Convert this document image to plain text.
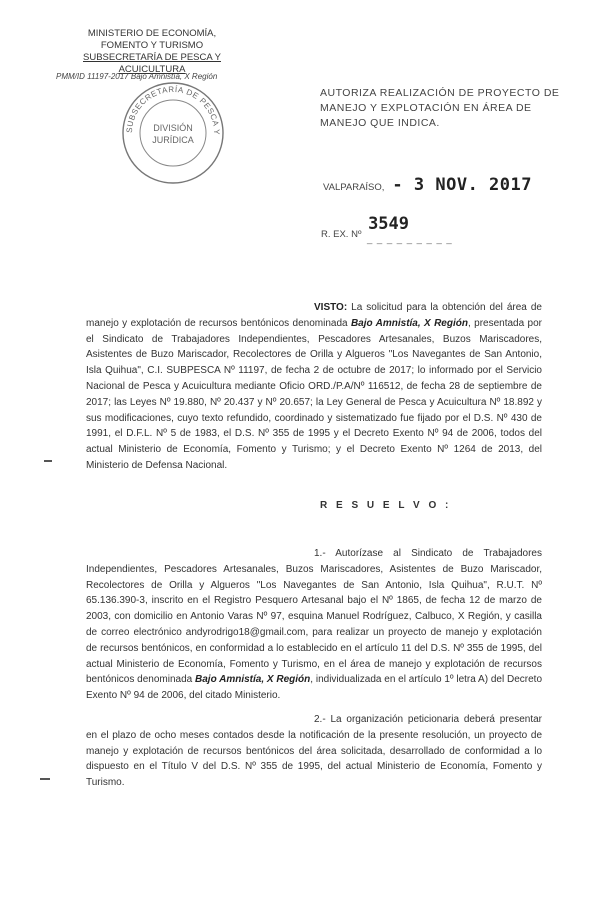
MINISTERIO DE ECONOMÍA,
FOMENTO Y TURISMO
SUBSECRETARÍA DE PESCA Y ACUICULTURA
PMM/ID 11197-2017 Bajo Amnistía, X Región
SUBSECRETARÍA DE PESCA Y
DIVISIÓN
JURÍDICA
AUTORIZA REALIZACIÓN DE PROYECTO DE MANEJO Y EXPLOTACIÓN EN ÁREA DE MANEJO QUE INDICA.
VALPARAÍSO, - 3 NOV. 2017
R. EX. Nº 3549
_ _ _ _ _ _ _ _ _
VISTO: La solicitud para la obtención del área de manejo y explotación de recursos bentónicos denominada Bajo Amnistía, X Región, presentada por el Sindicato de Trabajadores Independientes, Pescadores Artesanales, Buzos Mariscadores, Asistentes de Buzo Mariscador, Recolectores de Orilla y Algueros "Los Navegantes de San Antonio, Isla Quihua", C.I. SUBPESCA Nº 11197, de fecha 2 de octubre de 2017; lo informado por el Servicio Nacional de Pesca y Acuicultura mediante Oficio ORD./P.A/Nº 116512, de fecha 28 de septiembre de 2017; las Leyes Nº 19.880, Nº 20.437 y Nº 20.657; la Ley General de Pesca y Acuicultura Nº 18.892 y sus modificaciones, cuyo texto refundido, coordinado y sistematizado fue fijado por el D.S. Nº 430 de 1991, el D.F.L. Nº 5 de 1983, el D.S. Nº 355 de 1995 y el Decreto Exento Nº 94 de 2006, todos del actual Ministerio de Economía, Fomento y Turismo; y el Decreto Exento Nº 1264 de 2013, del Ministerio de Defensa Nacional.
R E S U E L V O :
1.- Autorízase al Sindicato de Trabajadores Independientes, Pescadores Artesanales, Buzos Mariscadores, Asistentes de Buzo Mariscador, Recolectores de Orilla y Algueros "Los Navegantes de San Antonio, Isla Quihua", R.U.T. Nº 65.136.390-3, inscrito en el Registro Pesquero Artesanal bajo el Nº 1865, de fecha 12 de marzo de 2003, con domicilio en Antonio Varas Nº 97, esquina Manuel Rodríguez, Calbuco, X Región, y casilla de correo electrónico andyrodrigo18@gmail.com, para realizar un proyecto de manejo y explotación de recursos bentónicos, en conformidad a lo establecido en el artículo 11 del D.S. Nº 355 de 1995, del actual Ministerio de Economía, Fomento y Turismo, en el área de manejo y explotación de recursos bentónicos denominada Bajo Amnistía, X Región, individualizada en el artículo 1º letra A) del Decreto Exento Nº 94 de 2006, del citado Ministerio.
2.- La organización peticionaria deberá presentar en el plazo de ocho meses contados desde la notificación de la presente resolución, un proyecto de manejo y explotación de recursos bentónicos del área solicitada, desarrollado de conformidad a lo dispuesto en el Título V del D.S. Nº 355 de 1995, del actual Ministerio de Economía, Fomento y Turismo.
